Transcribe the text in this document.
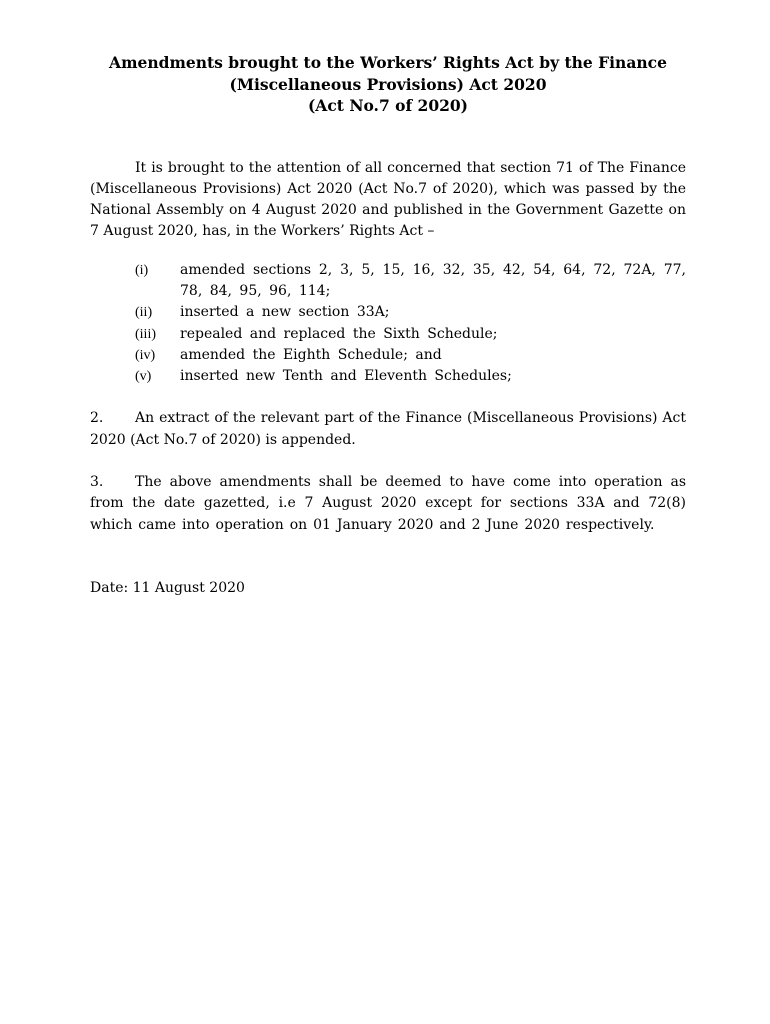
Amendments brought to the Workers’ Rights Act by the Finance
(Miscellaneous Provisions) Act 2020
(Act No.7 of 2020)

It is brought to the attention of all concerned that section 71 of The Finance (Miscellaneous Provisions) Act 2020 (Act No.7 of 2020), which was passed by the National Assembly on 4 August 2020 and published in the Government Gazette on 7 August 2020, has, in the Workers’ Rights Act –

(i)	amended sections 2, 3, 5, 15, 16, 32, 35, 42, 54, 64, 72, 72A, 77, 78, 84, 95, 96, 114;
(ii)	inserted a new section 33A;
(iii)	repealed and replaced the Sixth Schedule;
(iv)	amended the Eighth Schedule; and
(v)	inserted new Tenth and Eleventh Schedules;

2. An extract of the relevant part of the Finance (Miscellaneous Provisions) Act 2020 (Act No.7 of 2020) is appended.

3. The above amendments shall be deemed to have come into operation as from the date gazetted, i.e 7 August 2020 except for sections 33A and 72(8) which came into operation on 01 January 2020 and 2 June 2020 respectively.

Date: 11 August 2020
